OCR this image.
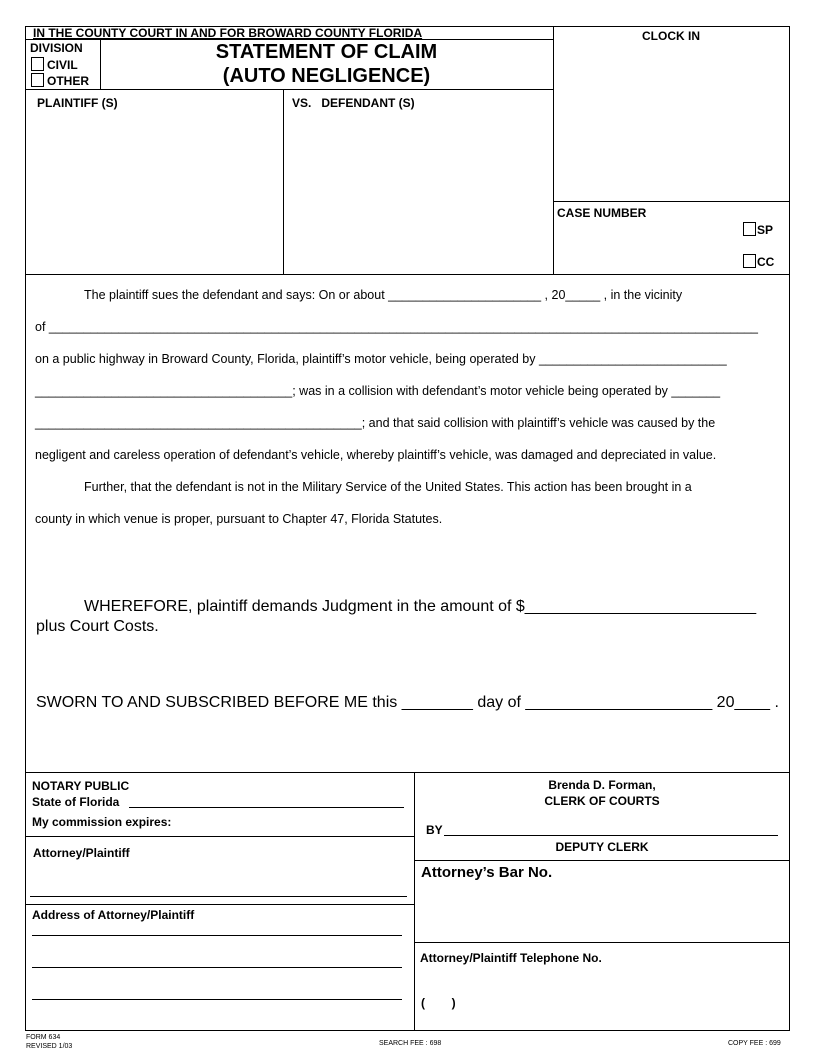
IN THE COUNTY COURT IN AND FOR BROWARD COUNTY FLORIDA
DIVISION
CIVIL
OTHER
STATEMENT OF CLAIM
(AUTO NEGLIGENCE)
CLOCK IN
PLAINTIFF (S)	VS.   DEFENDANT (S)
CASE NUMBER
SP
CC
The plaintiff sues the defendant and says: On or about ______________________ , 20_____ , in the vicinity
of ______________________________________________________________________________________________________
on a public highway in Broward County, Florida, plaintiff’s motor vehicle, being operated by ___________________________
_____________________________________; was in a collision with defendant’s motor vehicle being operated by _______
_______________________________________________; and that said collision with plaintiff’s vehicle was caused by the
negligent and careless operation of defendant’s vehicle, whereby plaintiff’s vehicle, was damaged and depreciated in value.
Further, that the defendant is not in the Military Service of the United States. This action has been brought in a
county in which venue is proper, pursuant to Chapter 47, Florida Statutes.
WHEREFORE, plaintiff demands Judgment in the amount of $__________________________
plus Court Costs.
SWORN TO AND SUBSCRIBED BEFORE ME this ________ day of _____________________ 20____ .
NOTARY PUBLIC
State of Florida
My commission expires:
Brenda D. Forman,
CLERK OF COURTS
BY
DEPUTY CLERK
Attorney/Plaintiff
Attorney’s Bar No.
Address of Attorney/Plaintiff
Attorney/Plaintiff Telephone No.
(        )
FORM 634
REVISED 1/03	SEARCH FEE : 698	COPY FEE : 699
